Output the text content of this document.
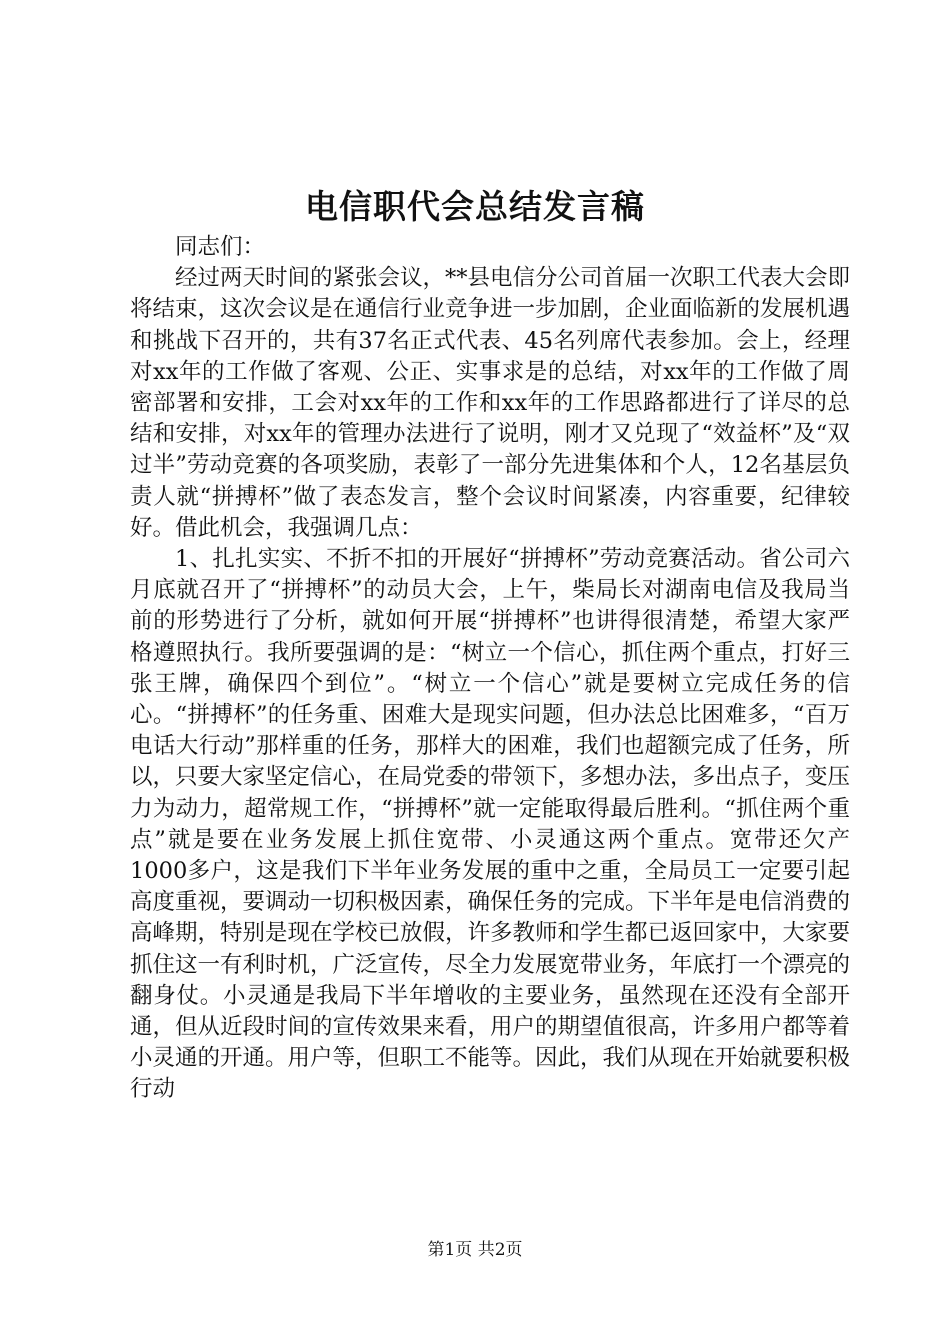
电信职代会总结发言稿

同志们：

经过两天时间的紧张会议，**县电信分公司首届一次职工代表大会即将结束，这次会议是在通信行业竞争进一步加剧，企业面临新的发展机遇和挑战下召开的，共有37名正式代表、45名列席代表参加。会上，经理对xx年的工作做了客观、公正、实事求是的总结，对xx年的工作做了周密部署和安排，工会对xx年的工作和xx年的工作思路都进行了详尽的总结和安排，对xx年的管理办法进行了说明，刚才又兑现了“效益杯”及“双过半”劳动竞赛的各项奖励，表彰了一部分先进集体和个人，12名基层负责人就“拼搏杯”做了表态发言，整个会议时间紧凑，内容重要，纪律较好。借此机会，我强调几点：

1、扎扎实实、不折不扣的开展好“拼搏杯”劳动竞赛活动。省公司六月底就召开了“拼搏杯”的动员大会，上午，柴局长对湖南电信及我局当前的形势进行了分析，就如何开展“拼搏杯”也讲得很清楚，希望大家严格遵照执行。我所要强调的是：“树立一个信心，抓住两个重点，打好三张王牌，确保四个到位”。“树立一个信心”就是要树立完成任务的信心。“拼搏杯”的任务重、困难大是现实问题，但办法总比困难多，“百万电话大行动”那样重的任务，那样大的困难，我们也超额完成了任务，所以，只要大家坚定信心，在局党委的带领下，多想办法，多出点子，变压力为动力，超常规工作，“拼搏杯”就一定能取得最后胜利。“抓住两个重点”就是要在业务发展上抓住宽带、小灵通这两个重点。宽带还欠产1000多户，这是我们下半年业务发展的重中之重，全局员工一定要引起高度重视，要调动一切积极因素，确保任务的完成。下半年是电信消费的高峰期，特别是现在学校已放假，许多教师和学生都已返回家中，大家要抓住这一有利时机，广泛宣传，尽全力发展宽带业务，年底打一个漂亮的翻身仗。小灵通是我局下半年增收的主要业务，虽然现在还没有全部开通，但从近段时间的宣传效果来看，用户的期望值很高，许多用户都等着小灵通的开通。用户等，但职工不能等。因此，我们从现在开始就要积极行动

第1页 共2页
